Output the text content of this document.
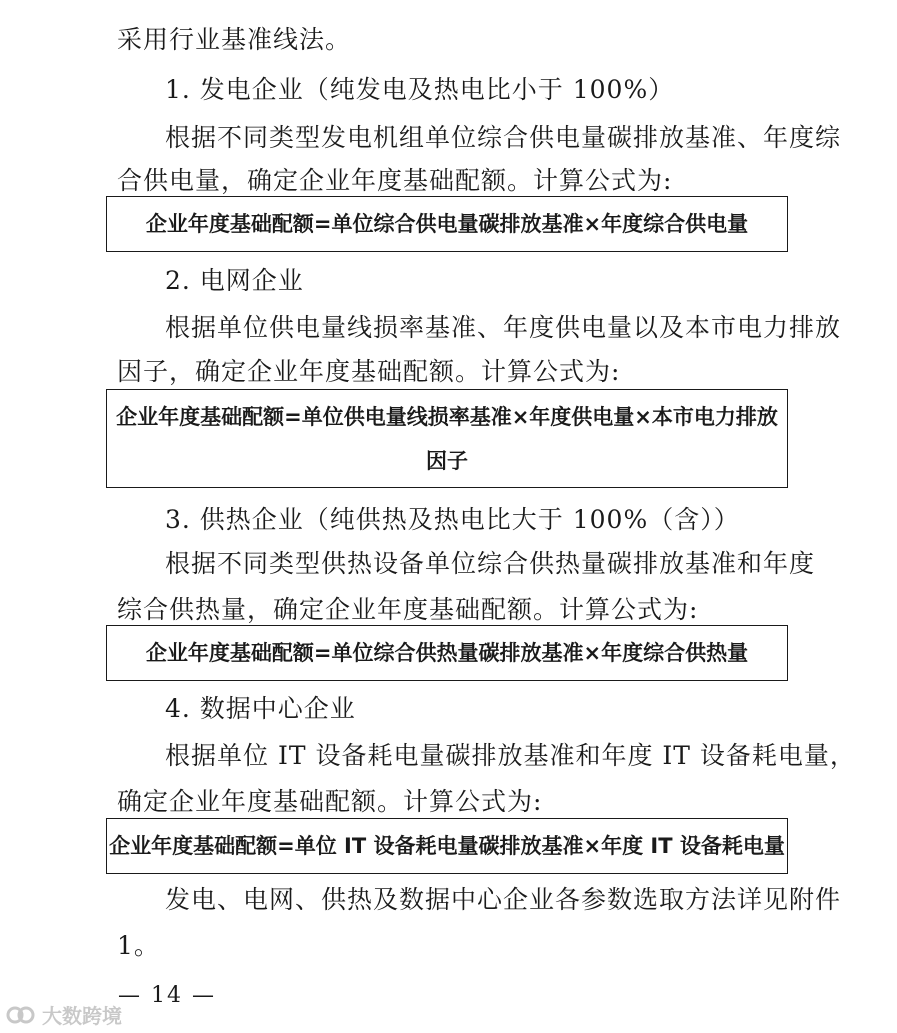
采用行业基准线法。
1. 发电企业（纯发电及热电比小于 100%）
根据不同类型发电机组单位综合供电量碳排放基准、年度综
合供电量，确定企业年度基础配额。计算公式为:
企业年度基础配额=单位综合供电量碳排放基准×年度综合供电量
2. 电网企业
根据单位供电量线损率基准、年度供电量以及本市电力排放
因子，确定企业年度基础配额。计算公式为:
企业年度基础配额=单位供电量线损率基准×年度供电量×本市电力排放
因子
3. 供热企业（纯供热及热电比大于 100%（含））
根据不同类型供热设备单位综合供热量碳排放基准和年度
综合供热量，确定企业年度基础配额。计算公式为:
企业年度基础配额=单位综合供热量碳排放基准×年度综合供热量
4. 数据中心企业
根据单位 IT 设备耗电量碳排放基准和年度 IT 设备耗电量，
确定企业年度基础配额。计算公式为:
企业年度基础配额=单位 IT 设备耗电量碳排放基准×年度 IT 设备耗电量
发电、电网、供热及数据中心企业各参数选取方法详见附件
1。
— 14 —
大数跨境
